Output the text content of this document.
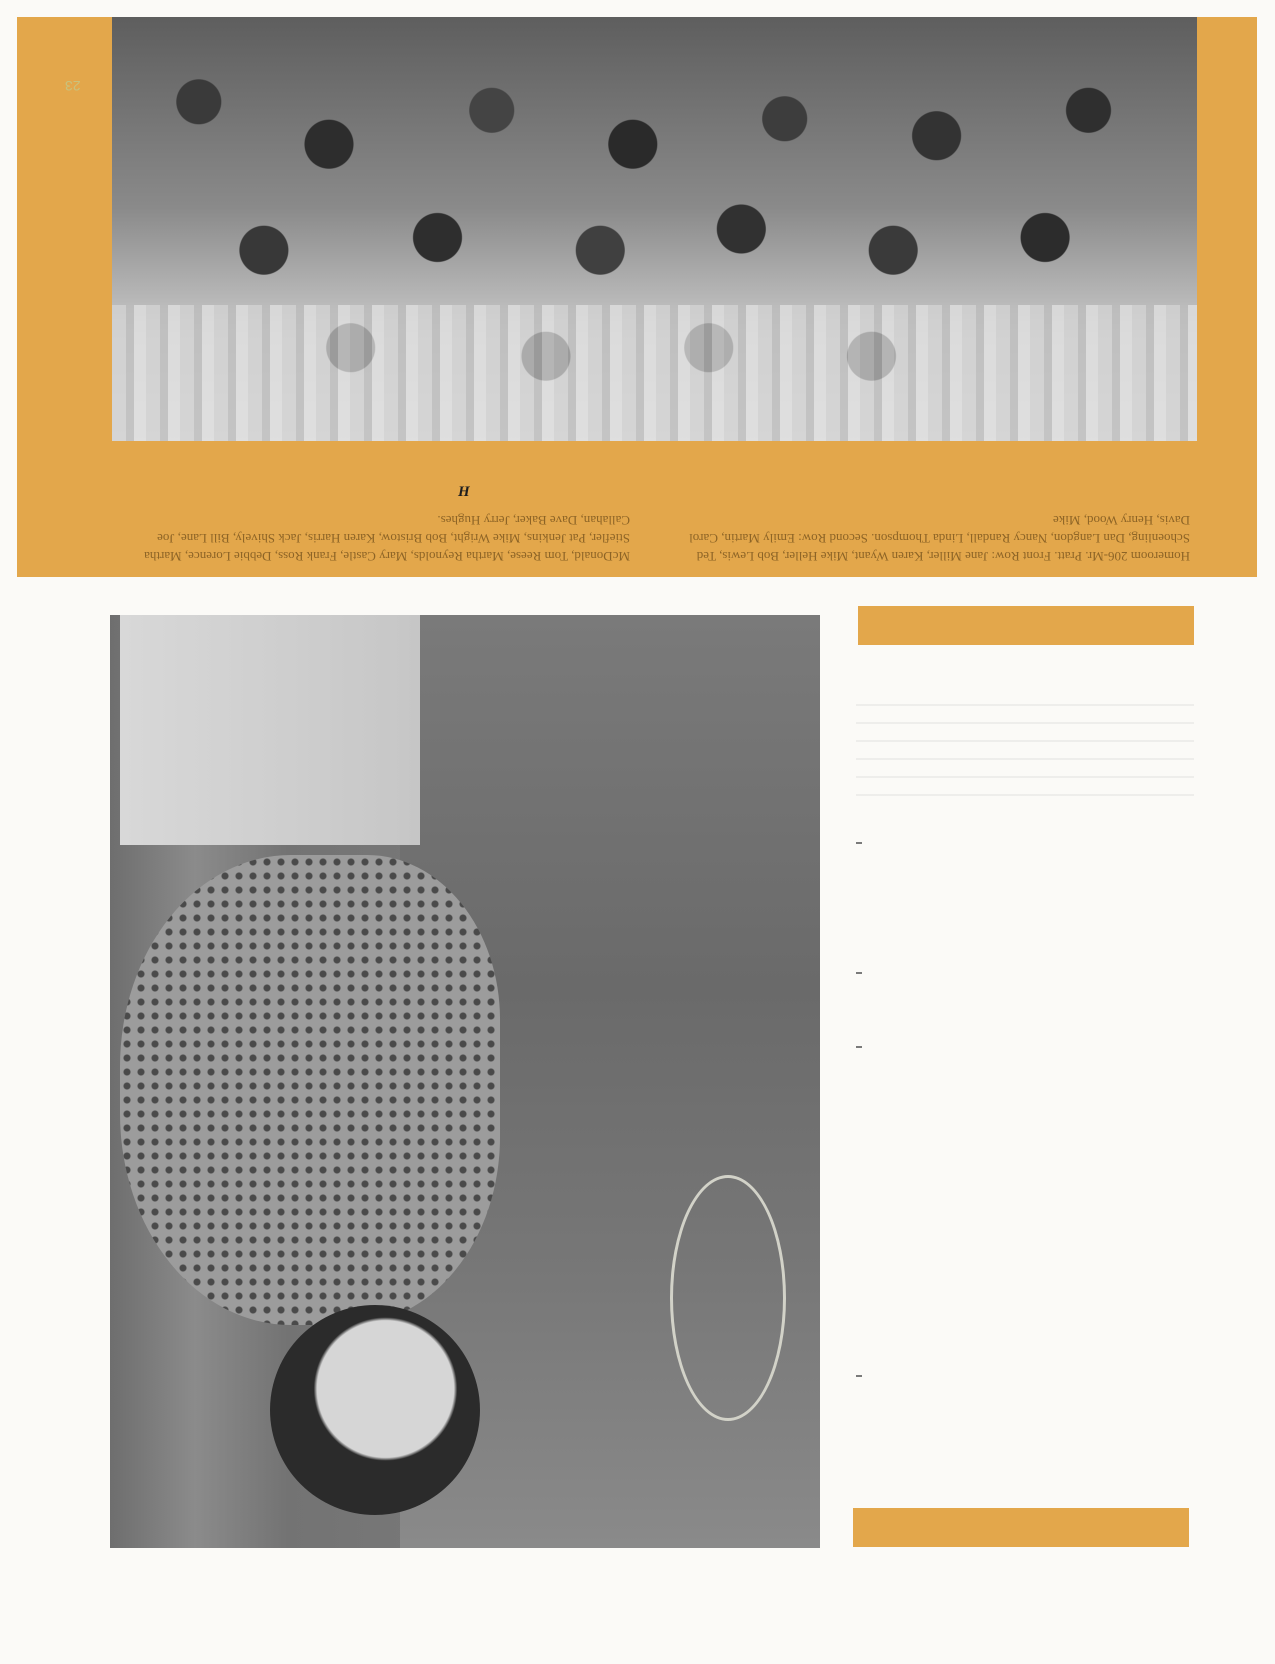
23
McDonald, Tom Reese, Martha Reynolds, Mary Castle, Frank Ross, Debbie Lorence, Martha Stiefler, Pat Jenkins, Mike Wright, Bob Bristow, Karen Harris, Jack Shively, Bill Lane, Joe Callahan, Dave Baker, Jerry Hughes.
Homeroom 206-Mr. Pratt. Front Row: Jane Miller, Karen Wyant, Mike Heller, Bob Lewis, Ted Schoenling, Dan Langdon, Nancy Randall, Linda Thompson. Second Row: Emily Martin, Carol Davis, Henry Wood, Mike
H
